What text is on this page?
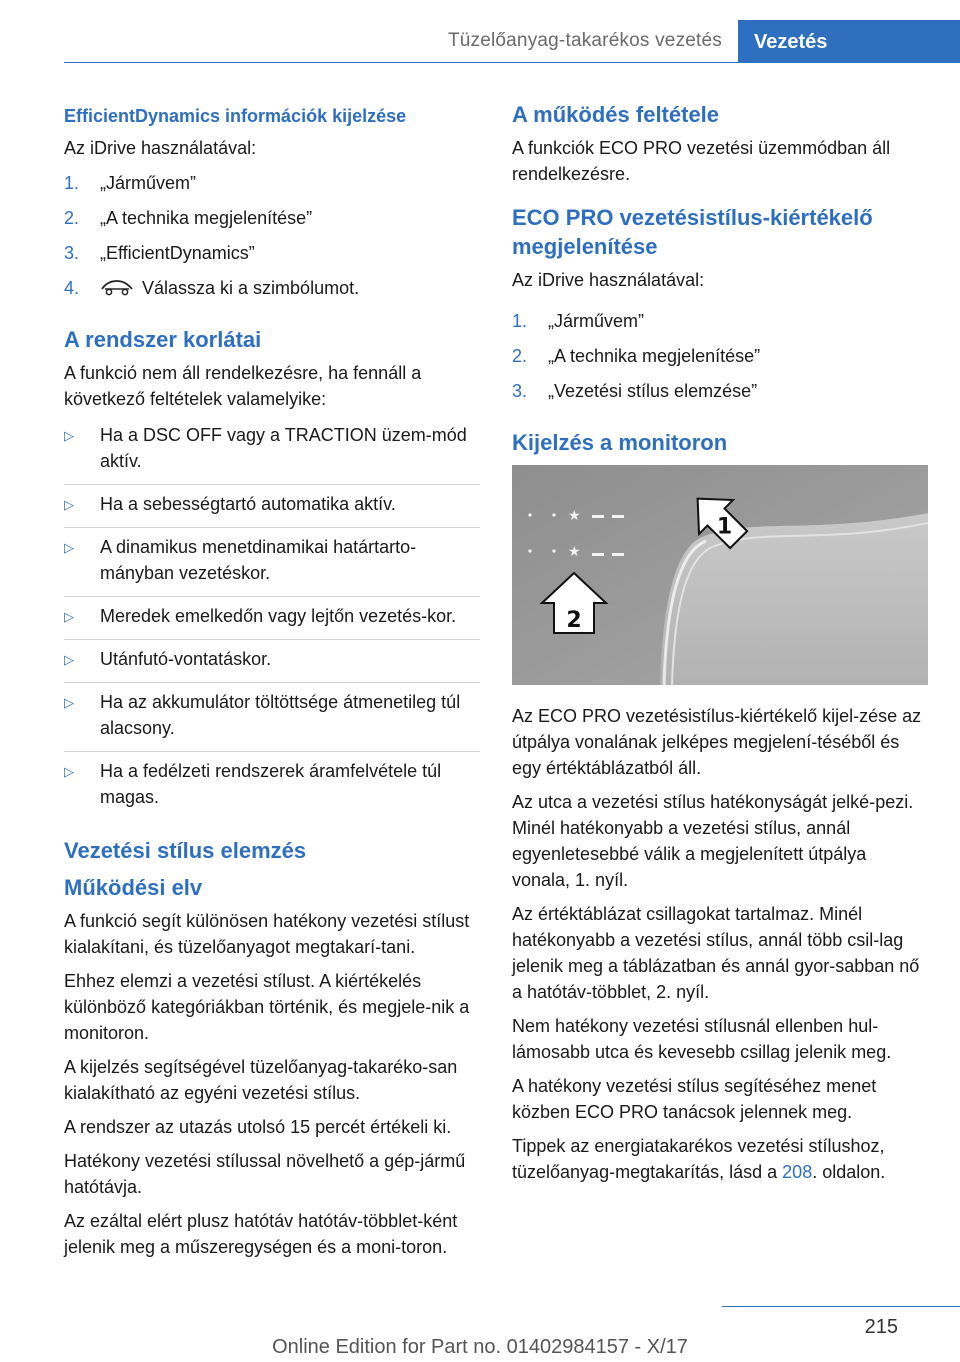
Tüzelőanyag-takarékos vezetés	Vezetés
EfficientDynamics információk kijelzése

Az iDrive használatával:

1. „Járművem”
2. „A technika megjelenítése”
3. „EfficientDynamics”
4.	Válassza ki a szimbólumot.
A rendszer korlátai

A funkció nem áll rendelkezésre, ha fennáll a következő feltételek valamelyike:

▷ Ha a DSC OFF vagy a TRACTION üzem-mód aktív.
▷ Ha a sebességtartó automatika aktív.
▷ A dinamikus menetdinamikai határtarto-mányban vezetéskor.
▷ Meredek emelkedőn vagy lejtőn vezetés-kor.
▷ Utánfutó-vontatáskor.
▷ Ha az akkumulátor töltöttsége átmenetileg túl alacsony.
▷ Ha a fedélzeti rendszerek áramfelvétele túl magas.
Vezetési stílus elemzés
Működési elv

A funkció segít különösen hatékony vezetési stílust kialakítani, és tüzelőanyagot megtakarí-tani.

Ehhez elemzi a vezetési stílust. A kiértékelés különböző kategóriákban történik, és megjele-nik a monitoron.

A kijelzés segítségével tüzelőanyag-takaréko-san kialakítható az egyéni vezetési stílus.

A rendszer az utazás utolsó 15 percét értékeli ki.

Hatékony vezetési stílussal növelhető a gép-jármű hatótávja.

Az ezáltal elért plusz hatótáv hatótáv-többlet-ként jelenik meg a műszeregységen és a moni-toron.

A működés feltétele

A funkciók ECO PRO vezetési üzemmódban áll rendelkezésre.

ECO PRO vezetésistílus-kiértékelő megjelenítése

Az iDrive használatával:

1. „Járművem”
2. „A technika megjelenítése”
3. „Vezetési stílus elemzése”
Kijelzés a monitoron
★
★
1
2

Az ECO PRO vezetésistílus-kiértékelő kijel-zése az útpálya vonalának jelképes megjelení-téséből és egy értéktáblázatból áll.

Az utca a vezetési stílus hatékonyságát jelké-pezi. Minél hatékonyabb a vezetési stílus, annál egyenletesebbé válik a megjelenített útpálya vonala, 1. nyíl.

Az értéktáblázat csillagokat tartalmaz. Minél hatékonyabb a vezetési stílus, annál több csil-lag jelenik meg a táblázatban és annál gyor-sabban nő a hatótáv-többlet, 2. nyíl.

Nem hatékony vezetési stílusnál ellenben hul-lámosabb utca és kevesebb csillag jelenik meg.

A hatékony vezetési stílus segítéséhez menet közben ECO PRO tanácsok jelennek meg.

Tippek az energiatakarékos vezetési stílushoz, tüzelőanyag-megtakarítás, lásd a 208. oldalon.

215
Online Edition for Part no. 01402984157 - X/17
